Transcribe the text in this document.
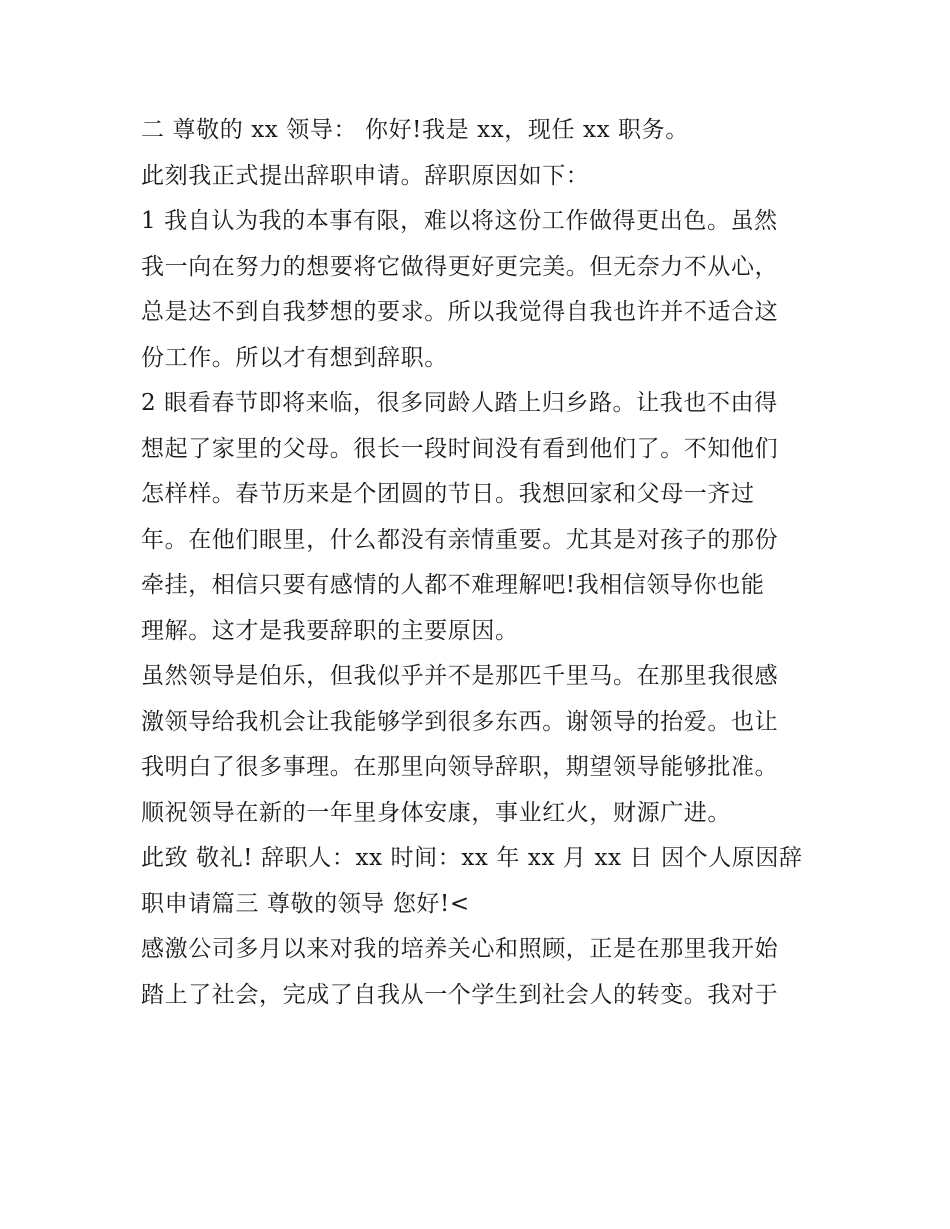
二 尊敬的 xx 领导： 你好!我是 xx，现任 xx 职务。
此刻我正式提出辞职申请。辞职原因如下：
1 我自认为我的本事有限，难以将这份工作做得更出色。虽然
我一向在努力的想要将它做得更好更完美。但无奈力不从心，
总是达不到自我梦想的要求。所以我觉得自我也许并不适合这
份工作。所以才有想到辞职。
2 眼看春节即将来临，很多同龄人踏上归乡路。让我也不由得
想起了家里的父母。很长一段时间没有看到他们了。不知他们
怎样样。春节历来是个团圆的节日。我想回家和父母一齐过
年。在他们眼里，什么都没有亲情重要。尤其是对孩子的那份
牵挂，相信只要有感情的人都不难理解吧!我相信领导你也能
理解。这才是我要辞职的主要原因。
虽然领导是伯乐，但我似乎并不是那匹千里马。在那里我很感
激领导给我机会让我能够学到很多东西。谢领导的抬爱。也让
我明白了很多事理。在那里向领导辞职，期望领导能够批准。
顺祝领导在新的一年里身体安康，事业红火，财源广进。
此致 敬礼! 辞职人：xx 时间：xx 年 xx 月 xx 日 因个人原因辞
职申请篇三 尊敬的领导 您好!<
感激公司多月以来对我的培养关心和照顾，正是在那里我开始
踏上了社会，完成了自我从一个学生到社会人的转变。我对于
